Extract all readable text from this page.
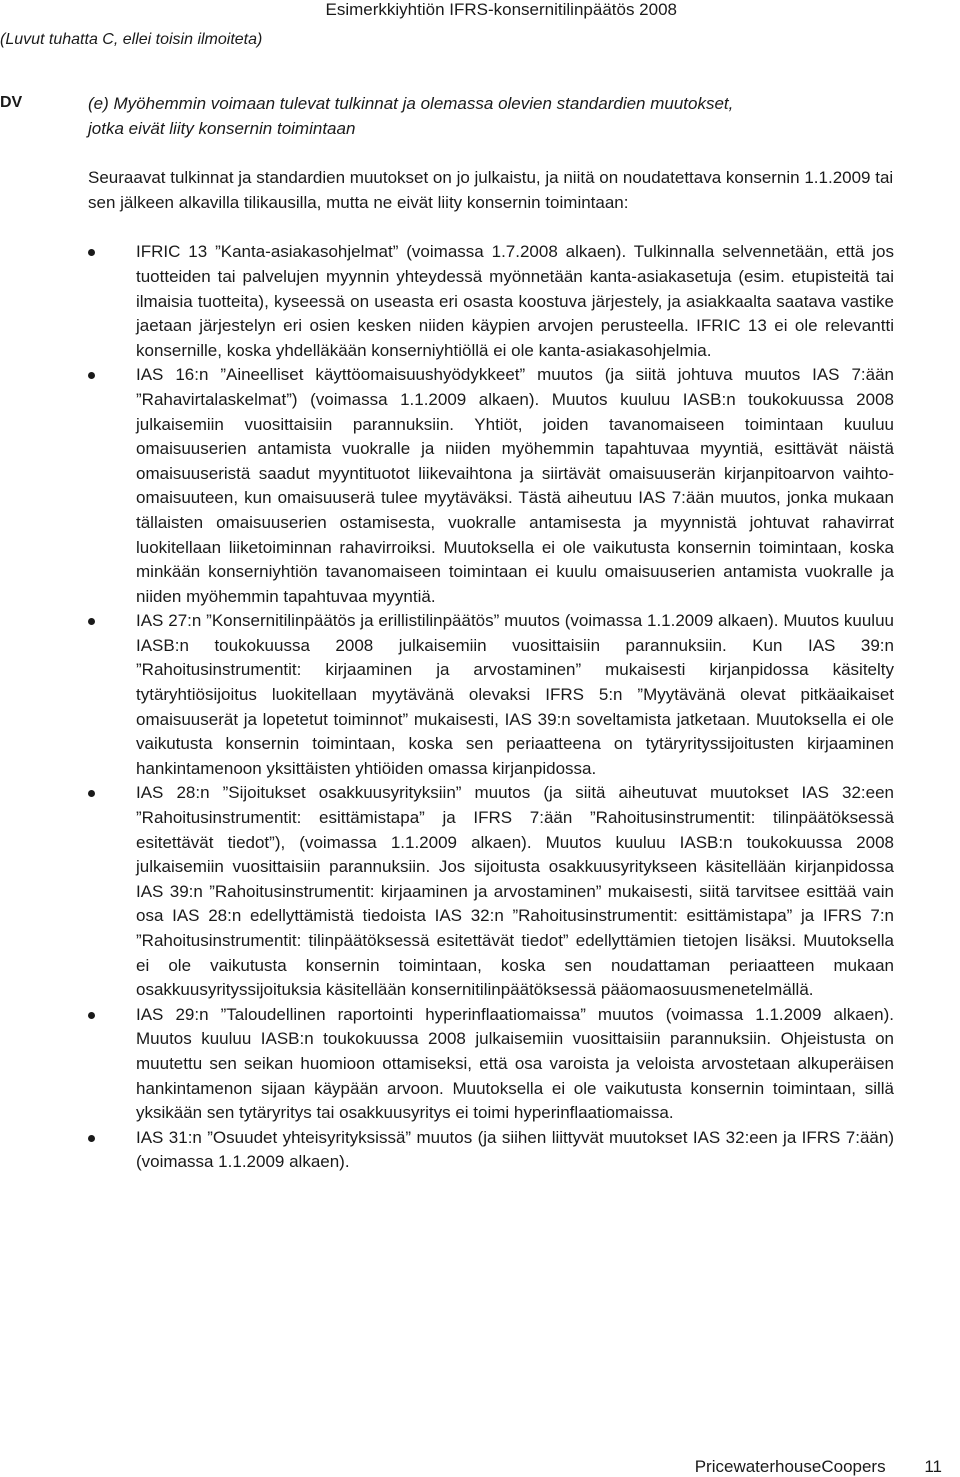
Esimerkkiyhtiön IFRS-konsernitilinpäätös 2008
(Luvut tuhatta C, ellei toisin ilmoiteta)
DV	(e) Myöhemmin voimaan tulevat tulkinnat ja olemassa olevien standardien muutokset,
jotka eivät liity konsernin toimintaan

Seuraavat tulkinnat ja standardien muutokset on jo julkaistu, ja niitä on noudatettava konsernin 1.1.2009 tai sen jälkeen alkavilla tilikausilla, mutta ne eivät liity konsernin toimintaan:

IFRIC 13 ”Kanta-asiakasohjelmat” (voimassa 1.7.2008 alkaen). Tulkinnalla selvennetään, että jos tuotteiden tai palvelujen myynnin yhteydessä myönnetään kanta-asiakasetuja (esim. etupisteitä tai ilmaisia tuotteita), kyseessä on useasta eri osasta koostuva järjestely, ja asiakkaalta saatava vastike jaetaan järjestelyn eri osien kesken niiden käypien arvojen perusteella. IFRIC 13 ei ole relevantti konsernille, koska yhdelläkään konserniyhtiöllä ei ole kanta-asiakasohjelmia.
IAS 16:n ”Aineelliset käyttöomaisuushyödykkeet” muutos (ja siitä johtuva muutos IAS 7:ään ”Rahavirtalaskelmat”) (voimassa 1.1.2009 alkaen). Muutos kuuluu IASB:n toukokuussa 2008 julkaisemiin vuosittaisiin parannuksiin. Yhtiöt, joiden tavanomaiseen toimintaan kuuluu omaisuuserien antamista vuokralle ja niiden myöhemmin tapahtuvaa myyntiä, esittävät näistä omaisuuseristä saadut myyntituotot liikevaihtona ja siirtävät omaisuuserän kirjanpitoarvon vaihto-omaisuuteen, kun omaisuuserä tulee myytäväksi. Tästä aiheutuu IAS 7:ään muutos, jonka mukaan tällaisten omaisuuserien ostamisesta, vuokralle antamisesta ja myynnistä johtuvat rahavirrat luokitellaan liiketoiminnan rahavirroiksi. Muutoksella ei ole vaikutusta konsernin toimintaan, koska minkään konserniyhtiön tavanomaiseen toimintaan ei kuulu omaisuuserien antamista vuokralle ja niiden myöhemmin tapahtuvaa myyntiä.
IAS 27:n ”Konsernitilinpäätös ja erillistilinpäätös” muutos (voimassa 1.1.2009 alkaen). Muutos kuuluu IASB:n toukokuussa 2008 julkaisemiin vuosittaisiin parannuksiin. Kun IAS 39:n ”Rahoitusinstrumentit: kirjaaminen ja arvostaminen” mukaisesti kirjanpidossa käsitelty tytäryhtiösijoitus luokitellaan myytävänä olevaksi IFRS 5:n ”Myytävänä olevat pitkäaikaiset omaisuuserät ja lopetetut toiminnot” mukaisesti, IAS 39:n soveltamista jatketaan. Muutoksella ei ole vaikutusta konsernin toimintaan, koska sen periaatteena on tytäryrityssijoitusten kirjaaminen hankintamenoon yksittäisten yhtiöiden omassa kirjanpidossa.
IAS 28:n ”Sijoitukset osakkuusyrityksiin” muutos (ja siitä aiheutuvat muutokset IAS 32:een ”Rahoitusinstrumentit: esittämistapa” ja IFRS 7:ään ”Rahoitusinstrumentit: tilinpäätöksessä esitettävät tiedot”), (voimassa 1.1.2009 alkaen). Muutos kuuluu IASB:n toukokuussa 2008 julkaisemiin vuosittaisiin parannuksiin. Jos sijoitusta osakkuusyritykseen käsitellään kirjanpidossa IAS 39:n ”Rahoitusinstrumentit: kirjaaminen ja arvostaminen” mukaisesti, siitä tarvitsee esittää vain osa IAS 28:n edellyttämistä tiedoista IAS 32:n ”Rahoitusinstrumentit: esittämistapa” ja IFRS 7:n ”Rahoitusinstrumentit: tilinpäätöksessä esitettävät tiedot” edellyttämien tietojen lisäksi. Muutoksella ei ole vaikutusta konsernin toimintaan, koska sen noudattaman periaatteen mukaan osakkuusyrityssijoituksia käsitellään konsernitilinpäätöksessä pääomaosuusmenetelmällä.
IAS 29:n ”Taloudellinen raportointi hyperinflaatiomaissa” muutos (voimassa 1.1.2009 alkaen). Muutos kuuluu IASB:n toukokuussa 2008 julkaisemiin vuosittaisiin parannuksiin. Ohjeistusta on muutettu sen seikan huomioon ottamiseksi, että osa varoista ja veloista arvostetaan alkuperäisen hankintamenon sijaan käypään arvoon. Muutoksella ei ole vaikutusta konsernin toimintaan, sillä yksikään sen tytäryritys tai osakkuusyritys ei toimi hyperinflaatiomaissa.
IAS 31:n ”Osuudet yhteisyrityksissä” muutos (ja siihen liittyvät muutokset IAS 32:een ja IFRS 7:ään)(voimassa 1.1.2009 alkaen).
PricewaterhouseCoopers 11
